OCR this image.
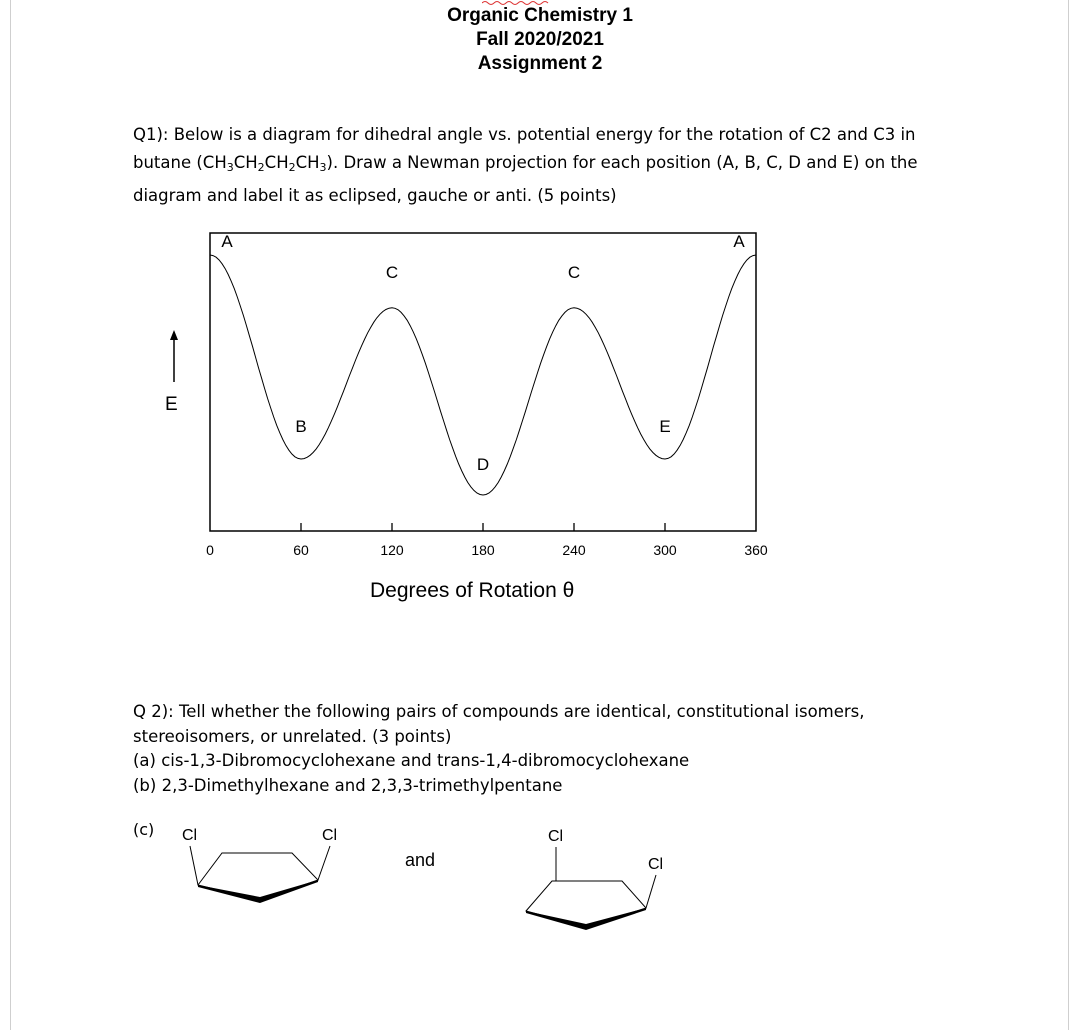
Organic Chemistry 1
Fall 2020/2021
Assignment 2
Q1): Below is a diagram for dihedral angle vs. potential energy for the rotation of C2 and C3 in
butane $(CH_3CH_2CH_2CH_3)$. Draw a Newman projection for each position (A, B, C, D and E) on the
diagram and label it as eclipsed, gauche or anti. (5 points)
0	60	120	180	240	300	360
A
B
C
D
C
E
A
E
Degrees of Rotation θ
Q 2): Tell whether the following pairs of compounds are identical, constitutional isomers,
stereoisomers, or unrelated. (3 points)
(a) cis-1,3-Dibromocyclohexane and trans-1,4-dibromocyclohexane
(b) 2,3-Dimethylhexane and 2,3,3-trimethylpentane
(c) Cl	Cl
and
Cl
Cl
